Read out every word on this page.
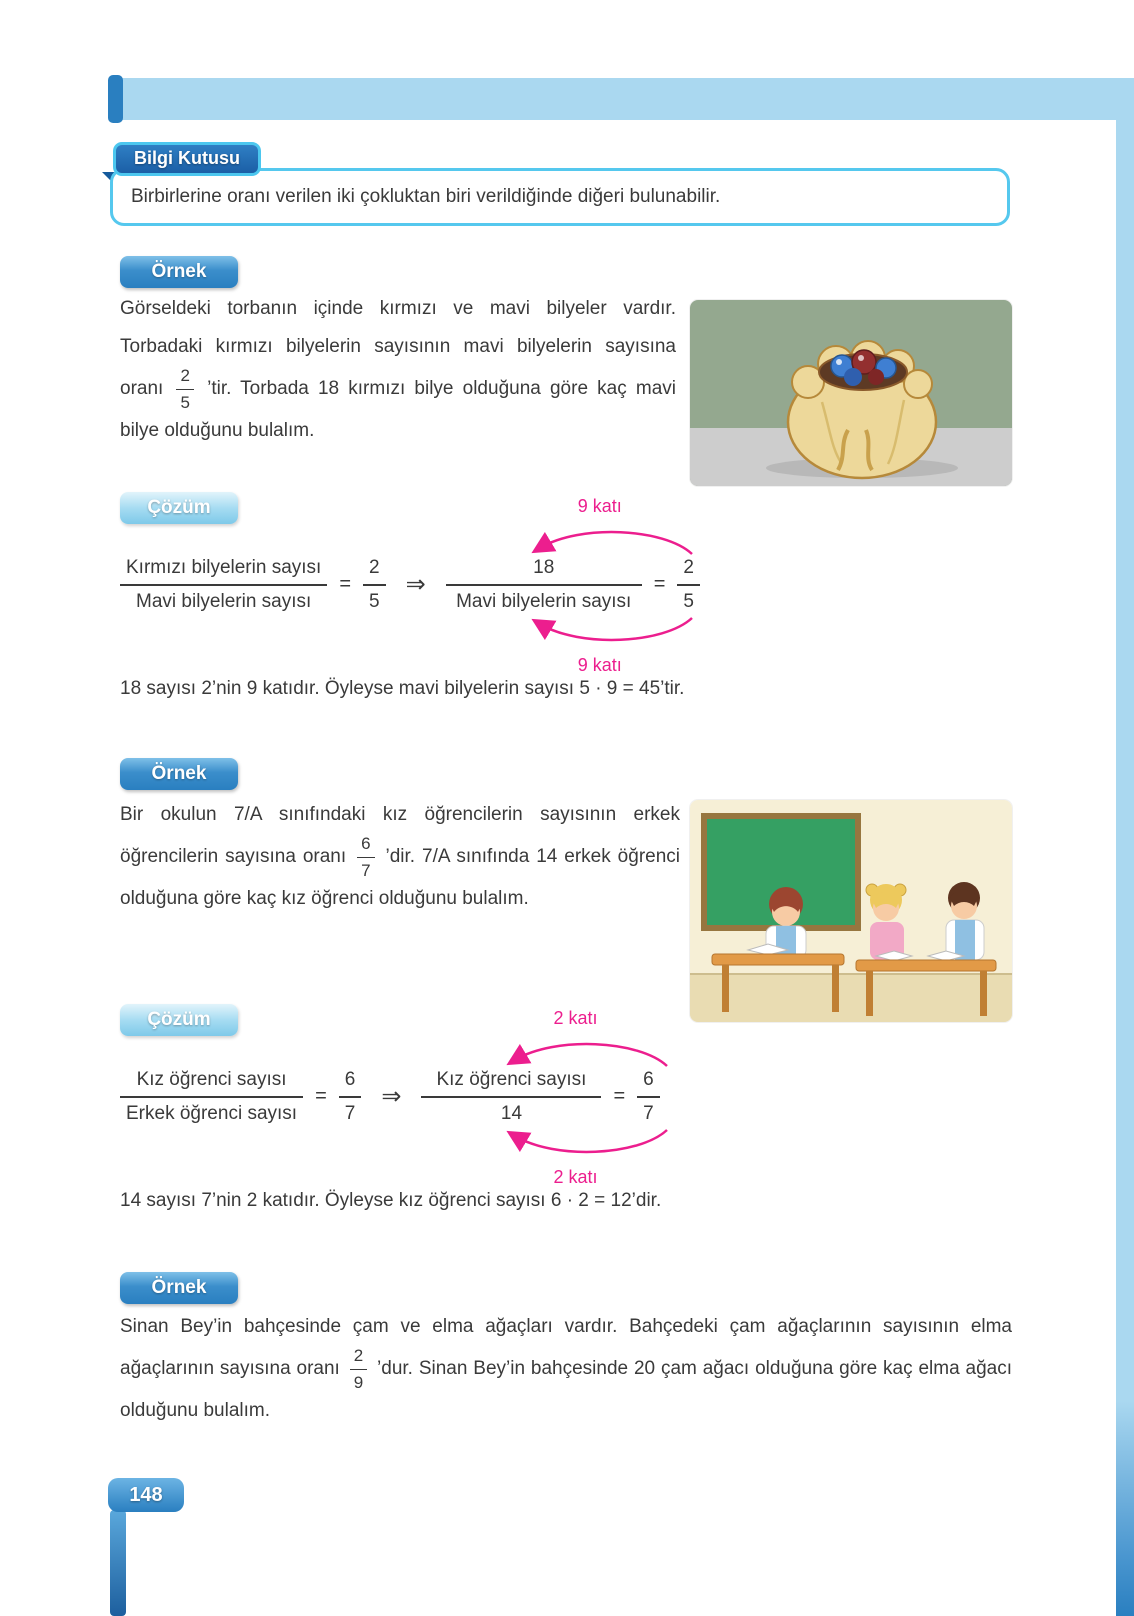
Bilgi Kutusu
Birbirlerine oranı verilen iki çokluktan biri verildiğinde diğeri bulunabilir.
Örnek
Görseldeki torbanın içinde kırmızı ve mavi bilyeler vardır. Torbadaki kırmızı bilyelerin sayısının mavi bilyelerin sayısına oranı $\frac{2}{5}$ ’tir. Torbada 18 kırmızı bilye olduğuna göre kaç mavi bilye olduğunu bulalım.
Çözüm
$\frac{\text{Kırmızı bilyelerin sayısı}}{\text{Mavi bilyelerin sayısı}} = \frac{2}{5}$ ⇒ $\frac{18}{\text{Mavi bilyelerin sayısı}} = \frac{2}{5}$
9 katı
9 katı
18 sayısı 2’nin 9 katıdır. Öyleyse mavi bilyelerin sayısı 5 · 9 = 45’tir.
Örnek
Bir okulun 7/A sınıfındaki kız öğrencilerin sayısının erkek öğrencilerin sayısına oranı $\frac{6}{7}$ ’dir. 7/A sınıfında 14 erkek öğrenci olduğuna göre kaç kız öğrenci olduğunu bulalım.
Çözüm
$\frac{\text{Kız öğrenci sayısı}}{\text{Erkek öğrenci sayısı}} = \frac{6}{7}$ ⇒ $\frac{\text{Kız öğrenci sayısı}}{14} = \frac{6}{7}$
2 katı
2 katı
14 sayısı 7’nin 2 katıdır. Öyleyse kız öğrenci sayısı 6 · 2 = 12’dir.
Örnek
Sinan Bey’in bahçesinde çam ve elma ağaçları vardır. Bahçedeki çam ağaçlarının sayısının elma ağaçlarının sayısına oranı $\frac{2}{9}$ ’dur. Sinan Bey’in bahçesinde 20 çam ağacı olduğuna göre kaç elma ağacı olduğunu bulalım.
148
